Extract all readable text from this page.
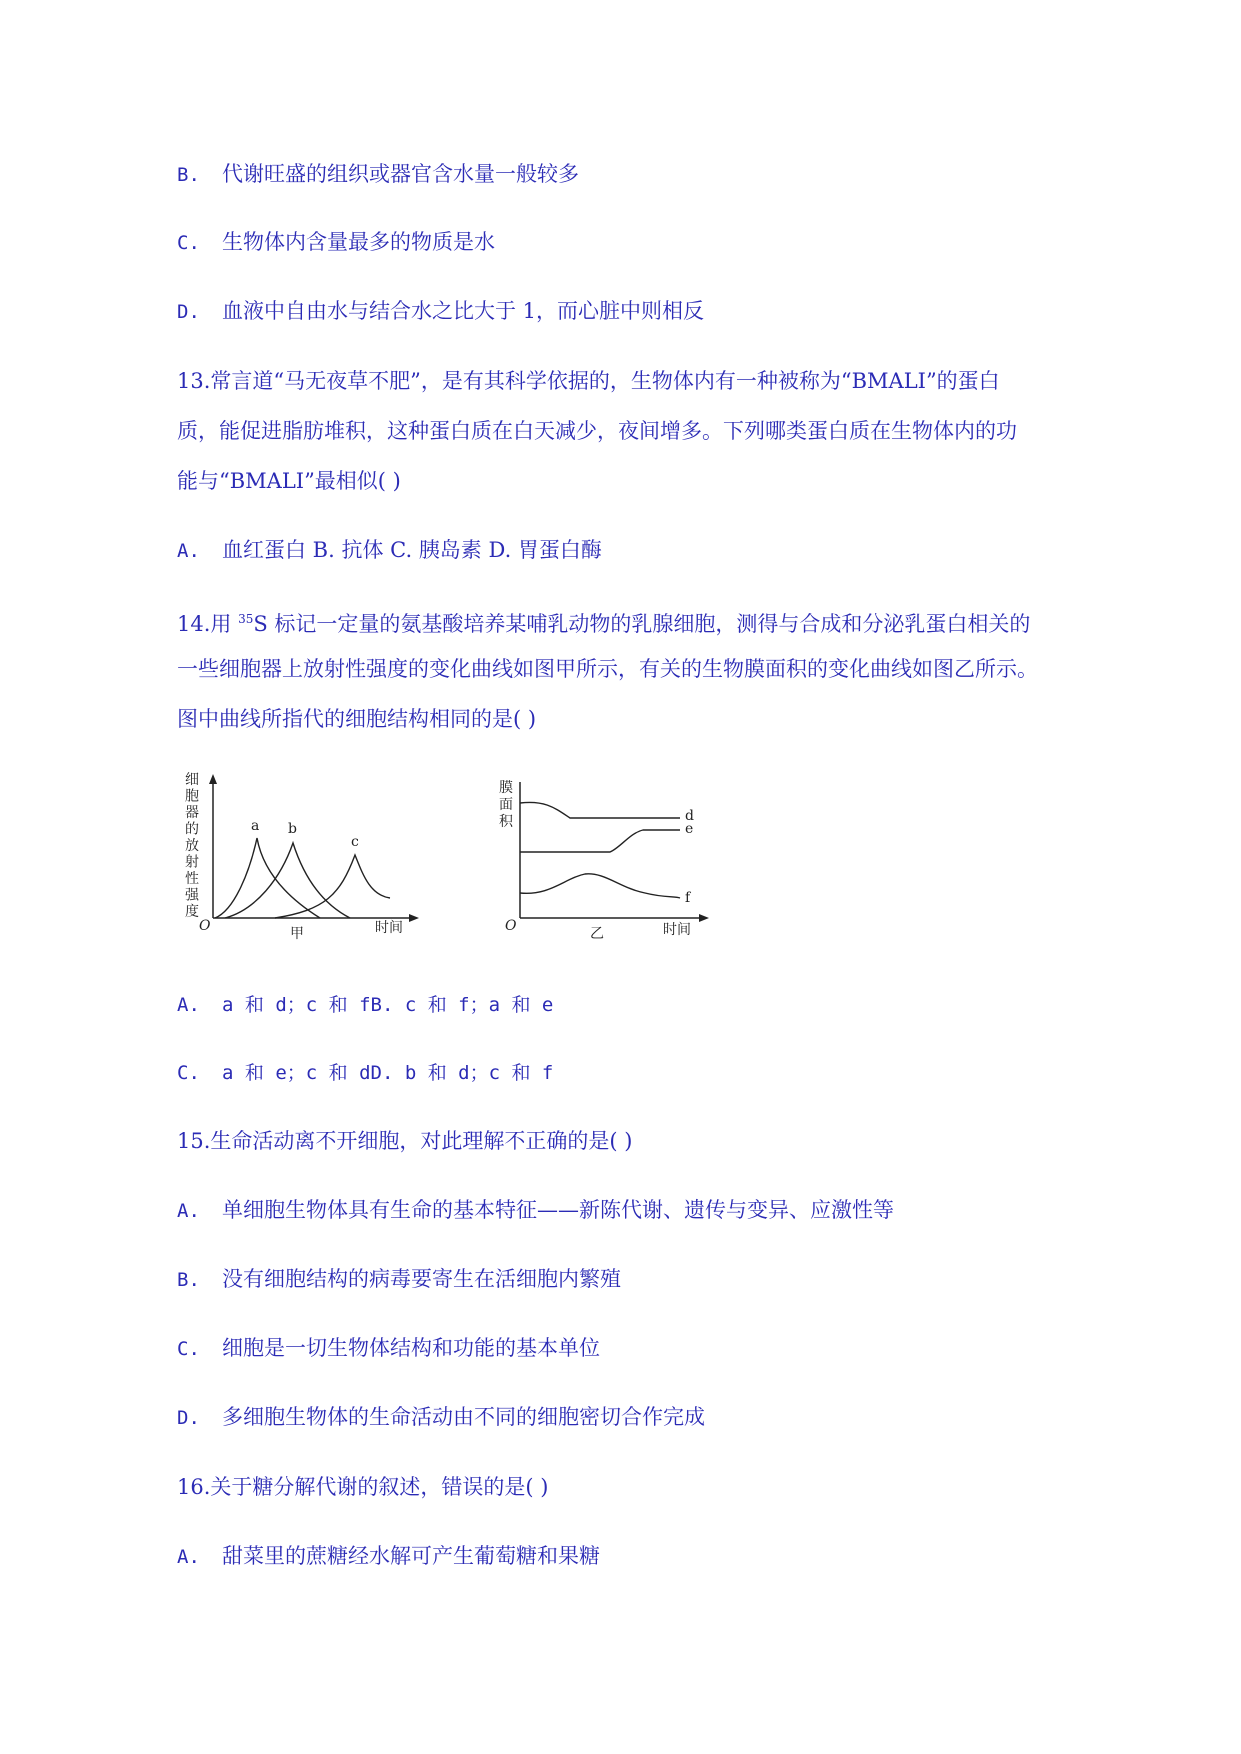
B. 代谢旺盛的组织或器官含水量一般较多
C. 生物体内含量最多的物质是水
D. 血液中自由水与结合水之比大于 1，而心脏中则相反
13.常言道“马无夜草不肥”，是有其科学依据的，生物体内有一种被称为“BMALI”的蛋白
质，能促进脂肪堆积，这种蛋白质在白天减少，夜间增多。下列哪类蛋白质在生物体内的功
能与“BMALI”最相似( )
A. 血红蛋白 B. 抗体 C. 胰岛素 D. 胃蛋白酶
14.用 $^{35}$S 标记一定量的氨基酸培养某哺乳动物的乳腺细胞，测得与合成和分泌乳蛋白相关的
一些细胞器上放射性强度的变化曲线如图甲所示，有关的生物膜面积的变化曲线如图乙所示。
图中曲线所指代的细胞结构相同的是( )
细
胞
器
的
放
射
性
强
度
a b
c
O	时间
甲
膜
面
积	d
e
f
O	时间
乙
A. a 和 d；c 和 fB. c 和 f；a 和 e
C. a 和 e；c 和 dD. b 和 d；c 和 f
15.生命活动离不开细胞，对此理解不正确的是( )
A. 单细胞生物体具有生命的基本特征——新陈代谢、遗传与变异、应激性等
B. 没有细胞结构的病毒要寄生在活细胞内繁殖
C. 细胞是一切生物体结构和功能的基本单位
D. 多细胞生物体的生命活动由不同的细胞密切合作完成
16.关于糖分解代谢的叙述，错误的是( )
A. 甜菜里的蔗糖经水解可产生葡萄糖和果糖
